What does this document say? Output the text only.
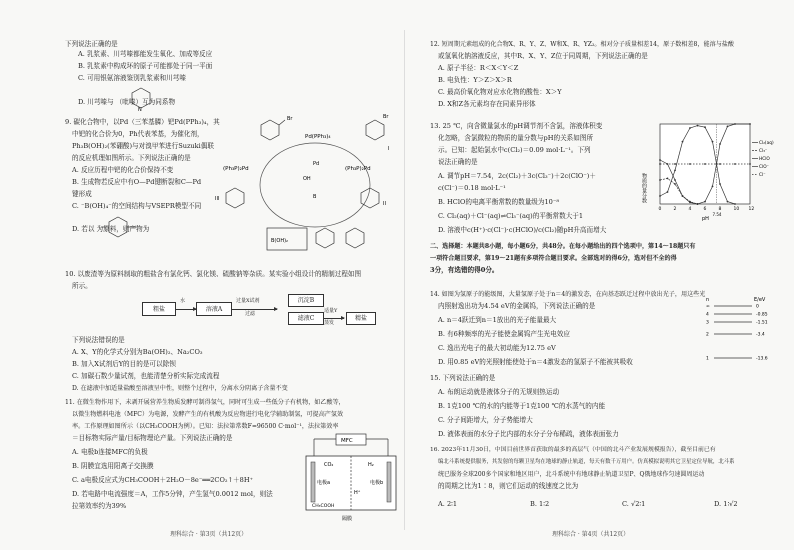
下列说法正确的是
A. 乳浆素、川芎嗪都能发生氧化、加成等反应
B. 乳浆素中构成环的原子可能都处于同一平面
C. 可用银氨溶液鉴别乳浆素和川芎嗪
D. 川芎嗪与 （吡嗪）互为同系物
N
9. 碳化合物中，以Pd（三苯基膦）钯Pd(PPh₃)₄，其
中钯的化合价为0，Ph代表苯基，为催化剂，
Ph₃B(OH)₂(苯硼酸)与对溴甲苯进行Suzuki偶联
的反应机理如图所示。下列说法正确的是
A. 反应历程中钯的化合价保持不变
B. 生成物若反应中有O—Pd键断裂和C—Pd
键形成
C. ⁻B(OH)₄⁻的空间结构与VSEPR模型不同
D. 若以 为原料，则产物为
Br
Pd(PPh₃)₄
Br
I
(Ph₃P)₂Pd	(Ph₃P)₂Pd
Pd
OH
B
III
II
B(OH)₂
10. 以废渣等为原料制取的粗盐含有氯化钙、氯化镁、硫酸钠等杂质。某实验小组设计的精制过程如图
所示。
粗盐
水
溶液A
过量X试剂
过滤
沉淀B
滤液C
适量Y
蒸发
精盐
下列说法错误的是
A. X、Y的化学式分别为Ba(OH)₂、Na₂CO₃
B. 加入X试剂后Y的目的是可以除钡
C. 加碳石数少量试剂，也能清楚分析实际完成流程
D. 在滤液中加适量盐酸至溶液呈中性，则整个过程中，分离水分阴离子含量不变
11. 在微生物作用下，未剥开展营养生物质发酵可制得氢气，同时可生成一些低分子有机物，如乙酸等，
以微生物燃料电池（MFC）为电源，发酵产生的有机酸为反应物进行电化学辅助制氢，可提高产氢效
率。工作原理如图所示（以CH₃COOH为例）。已知：法拉第常数F=96500 C·mol⁻¹，法拉第效率
＝目标物实际产量/目标物理论产量。下列说法正确的是
A. 电极b连接MFC的负极
B. 阴膜宜选用阳离子交换膜
C. a电极反应式为CH₃COOH＋2H₂O－8e⁻══2CO₂↑＋8H⁺
D. 若电路中电流强度＝A，工作5分钟，产生氢气0.0012 mol，则法
拉第效率约为39%
MFC
电极a	电极b
CO₂	H₂
H⁺
CH₃COOH
隔膜
理科综合 · 第3页（共12页）
12. 短周期元素组成的化合物X、R、Y、Z、W和X、R、YZ₂。相对分子质量相差14，原子数相差8，能溶与盐酸
或氢氧化钠溶液反应，其中R、X、Y、Z位于同周期，下列说法正确的是
A. 原子半径：R＜X＜Y＜Z
B. 电负性：Y＞Z＞X＞R
C. 最高价氧化物对应水化物的酸性：X＞Y
D. X和Z各元素均存在同素异形体
13. 25 ℃，向含微量氯水的pH调节剂不含氯，溶液体积变
化忽略，含氯微粒的物质的量分数与pH的关系如图所
示。已知：起始氯水中c(Cl₂)＝0.09 mol·L⁻¹。下列
说法正确的是
A. 调节pH＝7.54，2c(Cl₂)＋3c(Cl₃⁻)＋2c(ClO⁻)＋
c(Cl⁻)＝0.18 mol·L⁻¹
B. HClO的电离平衡常数的数量级为10⁻⁸
C. Cl₂(aq)＋Cl⁻(aq)⇌Cl₃⁻(aq)的平衡常数大于1
D. 溶液中c(H⁺)·c(Cl⁻)·c(HClO)/c(Cl₂)随pH升高而增大
物质的量分数
7.54
0	2	4	6	8	10 12
pH
Cl₂(aq)
Cl₃⁻
HClO
ClO⁻
Cl⁻
二、选择题：本题共8小题，每小题6分，共48分。在每小题给出的四个选项中，第14～18题只有
一项符合题目要求，第19～21题有多项符合题目要求。全部选对的得6分，选对但不全的得
3分，有选错的得0分。
14. 如图为氢原子的能级图，大量氢原子处于n＝4的激发态，在向基态跃迁过程中放出光子，用这些光
内照射逸出功为4.54 eV的金属钨，下列说法正确的是
A. n＝4跃迁到n＝1放出的光子能量最大
B. 有6种频率的光子能使金属钨产生光电效应
C. 逸出光电子的最大初动能为12.75 eV
D. 用0.85 eV的光照射能使处于n＝4激发态的氢原子不能被其吸收
n	E/eV
∞	0
4	-0.85
3	-1.51
2	-3.4
1	-13.6
15. 下列说法正确的是
A. 布朗运动就是液体分子的无规则热运动
B. 1克100 ℃的水的内能等于1克100 ℃的水蒸气的内能
C. 分子间距增大，分子势能增大
D. 液体表面的水分子比内部的水分子分布稀疏，液体表面张力
16. 2023年11月30日，中国目前世界首获取的最多的高层气（中国的北斗产业发展规模报告），截至目前已有
编北斗系统提供服务，其发射的每颗卫星均在地球的静止轨道，每天有数千万用户。仿真模拟说明其它卫星定位导航，北斗系
统已服务全球200多个国家和地区用户，北斗系统中有地球静止轨道卫星P、Q俄地球作匀速圆周运动
的周期之比为1∶8，则它们运动的线速度之比为
A. 2∶1	B. 1∶2	C. √2∶1	D. 1∶√2
理科综合 · 第4页（共12页）
